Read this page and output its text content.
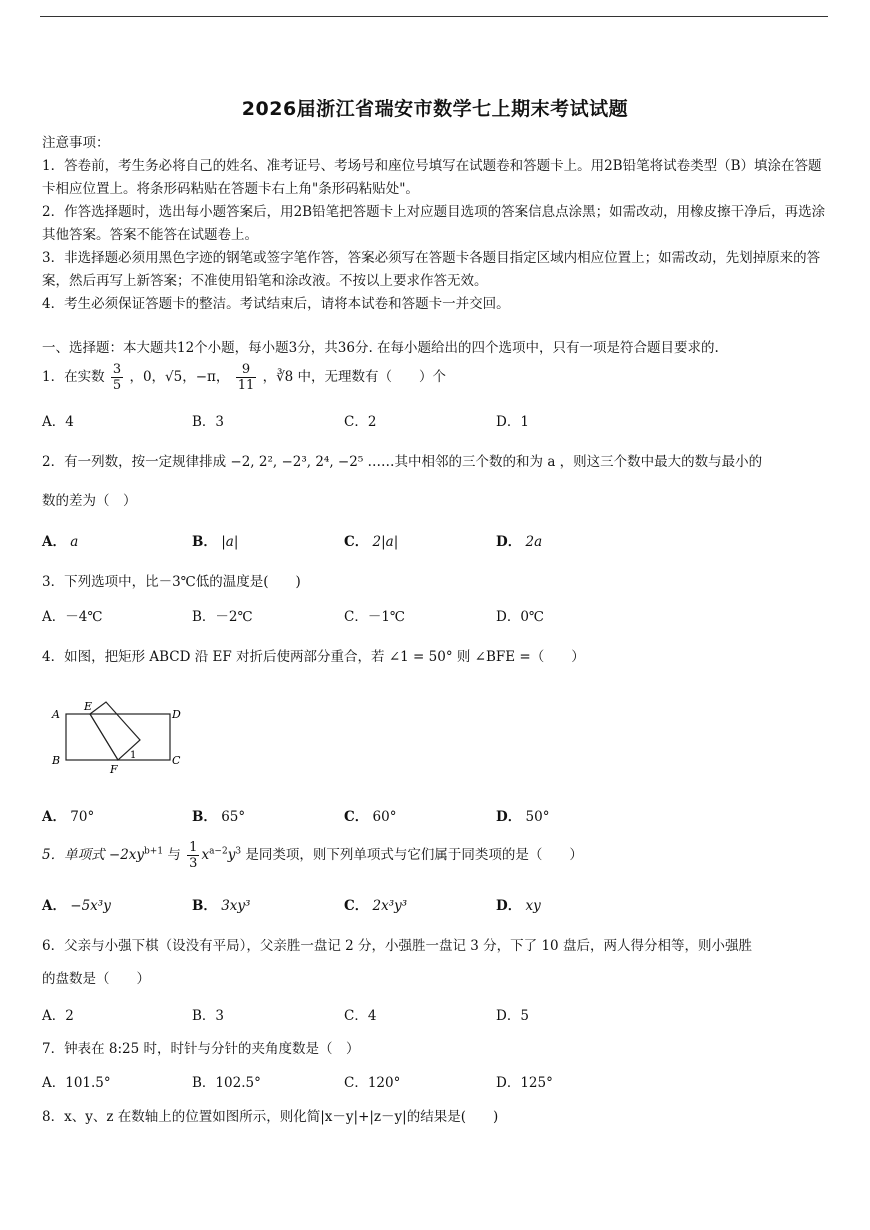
2026届浙江省瑞安市数学七上期末考试试题

注意事项：

1．答卷前，考生务必将自己的姓名、准考证号、考场号和座位号填写在试题卷和答题卡上。用2B铅笔将试卷类型（B）填涂在答题卡相应位置上。将条形码粘贴在答题卡右上角"条形码粘贴处"。

2．作答选择题时，选出每小题答案后，用2B铅笔把答题卡上对应题目选项的答案信息点涂黑；如需改动，用橡皮擦干净后，再选涂其他答案。答案不能答在试题卷上。

3．非选择题必须用黑色字迹的钢笔或签字笔作答，答案必须写在答题卡各题目指定区域内相应位置上；如需改动，先划掉原来的答案，然后再写上新答案；不准使用铅笔和涂改液。不按以上要求作答无效。

4．考生必须保证答题卡的整洁。考试结束后，请将本试卷和答题卡一并交回。

一、选择题：本大题共12个小题，每小题3分，共36分. 在每小题给出的四个选项中，只有一项是符合题目要求的.
1．在实数 $\frac{3}{5}$ ，0，√5，−π， $\frac{9}{11}$ ，∛8 中，无理数有（　　）个
A．4	B．3	C．2	D．1
2．有一列数，按一定规律排成 −2, 2², −2³, 2⁴, −2⁵ ……其中相邻的三个数的和为 a ，则这三个数中最大的数与最小的
数的差为（　）
A． a	B． |a|	C． 2|a|	D． 2a
3．下列选项中，比－3℃低的温度是(　　)
A．－4℃	B．－2℃	C．－1℃	D．0℃
4．如图，把矩形 ABCD 沿 EF 对折后使两部分重合，若 ∠1 = 50° 则 ∠BFE =（　　）
A
E
D
B
F
C
1
A． 70°	B． 65°	C． 60°	D． 50°
5．单项式 $-2xy^{b+1}$ 与 $\frac{1}{3} x^{a-2}y^3$ 是同类项，则下列单项式与它们属于同类项的是（　　）
A． −5x³y	B． 3xy³	C． 2x³y³	D． xy
6．父亲与小强下棋（设没有平局），父亲胜一盘记 2 分，小强胜一盘记 3 分，下了 10 盘后，两人得分相等，则小强胜
的盘数是（　　）
A．2	B．3	C．4	D．5
7．钟表在 8:25 时，时针与分针的夹角度数是（　）
A．101.5°	B．102.5°	C．120°	D．125°
8．x、y、z 在数轴上的位置如图所示，则化简|x－y|+|z－y|的结果是(　　)
